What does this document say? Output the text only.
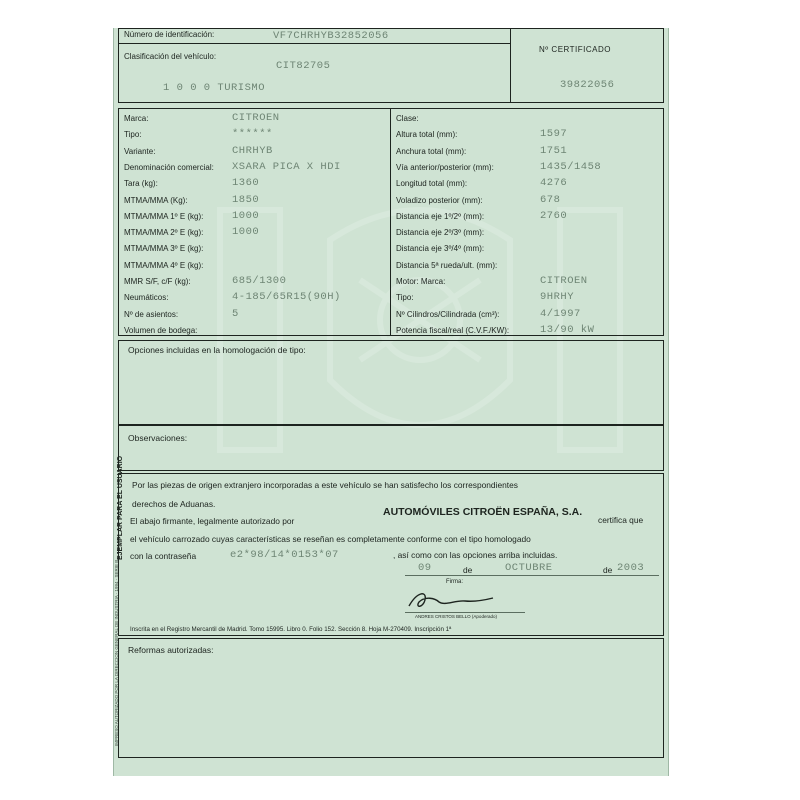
Número de identificación:	VF7CHRHYB32852056
Clasificación del vehículo:
CIT82705
1 0 0 0 TURISMO
Nº CERTIFICADO
39822056
Marca:	CITROEN
Tipo:	******
Variante:	CHRHYB
Denominación comercial: XSARA PICA X HDI
Tara (kg):	1360
MTMA/MMA (Kg):	1850
MTMA/MMA 1º E (kg):	1000
MTMA/MMA 2º E (kg):	1000
MTMA/MMA 3º E (kg):
MTMA/MMA 4º E (kg):
MMR S/F, c/F (kg):	685/1300
Neumáticos:	4-185/65R15(90H)
Nº de asientos:	5
Volumen de bodega:
Clase:
Altura total (mm):	1597
Anchura total (mm):	1751
Vía anterior/posterior (mm):	1435/1458
Longitud total (mm):	4276
Voladizo posterior (mm):	678
Distancia eje 1º/2º (mm):	2760
Distancia eje 2º/3º (mm):
Distancia eje 3º/4º (mm):
Distancia 5ª rueda/ult. (mm):
Motor: Marca:	CITROEN
Tipo:	9HRHY
Nº Cilindros/Cilindrada (cm³):	4/1997
Potencia fiscal/real (C.V.F./KW):	13/90 kW
Opciones incluidas en la homologación de tipo:
Observaciones:
Por las piezas de origen extranjero incorporadas a este vehículo se han satisfecho los correspondientes
derechos de Aduanas.
El abajo firmante, legalmente autorizado por
AUTOMÓVILES CITROËN ESPAÑA, S.A.
certifica que
el vehículo carrozado cuyas características se reseñan es completamente conforme con el tipo homologado
con la contraseña	e2*98/14*0153*07	, así como con las opciones arriba incluidas.
09	de	OCTUBRE	de 2003
Firma:
ANDRES CRISTOS BELLO (Apoderado)
Inscrita en el Registro Mercantil de Madrid. Tomo 15995. Libro 0. Folio 152. Sección 8. Hoja M-270409. Inscripción 1ª
Reformas autorizadas:
EJEMPLAR PARA EL USUARIO
IMPRESO AUTORIZADO POR LA DIRECCION GENERAL DE INDUSTRIA · 1994 · SERIE B
